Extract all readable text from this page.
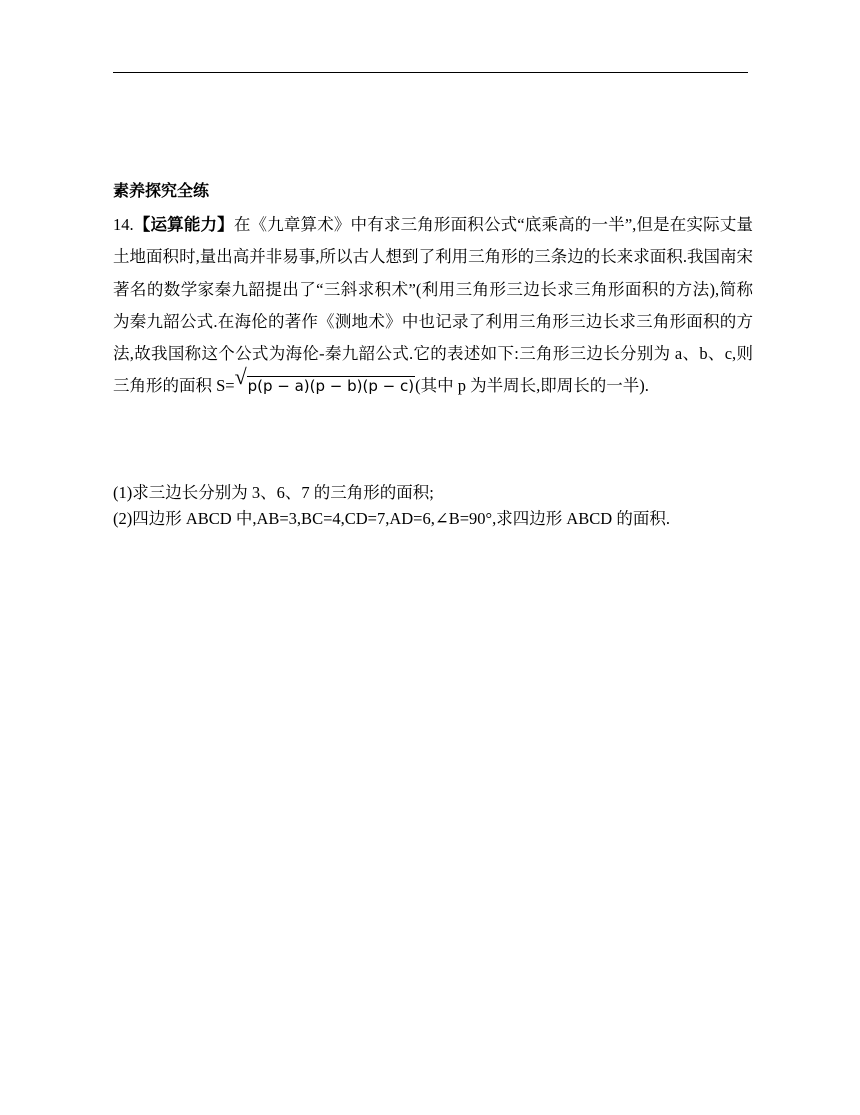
素养探究全练
14.【运算能力】在《九章算术》中有求三角形面积公式“底乘高的一半”,但是在实际丈量土地面积时,量出高并非易事,所以古人想到了利用三角形的三条边的长来求面积.我国南宋著名的数学家秦九韶提出了“三斜求积术”(利用三角形三边长求三角形面积的方法),简称为秦九韶公式.在海伦的著作《测地术》中也记录了利用三角形三边长求三角形面积的方法,故我国称这个公式为海伦-秦九韶公式.它的表述如下:三角形三边长分别为 a、b、c,则三角形的面积 S= √ p(p − a)(p − b)(p − c)(其中 p 为半周长,即周长的一半).
(1)求三边长分别为 3、6、7 的三角形的面积;
(2)四边形 ABCD 中,AB=3,BC=4,CD=7,AD=6,∠B=90°,求四边形 ABCD 的面积.
